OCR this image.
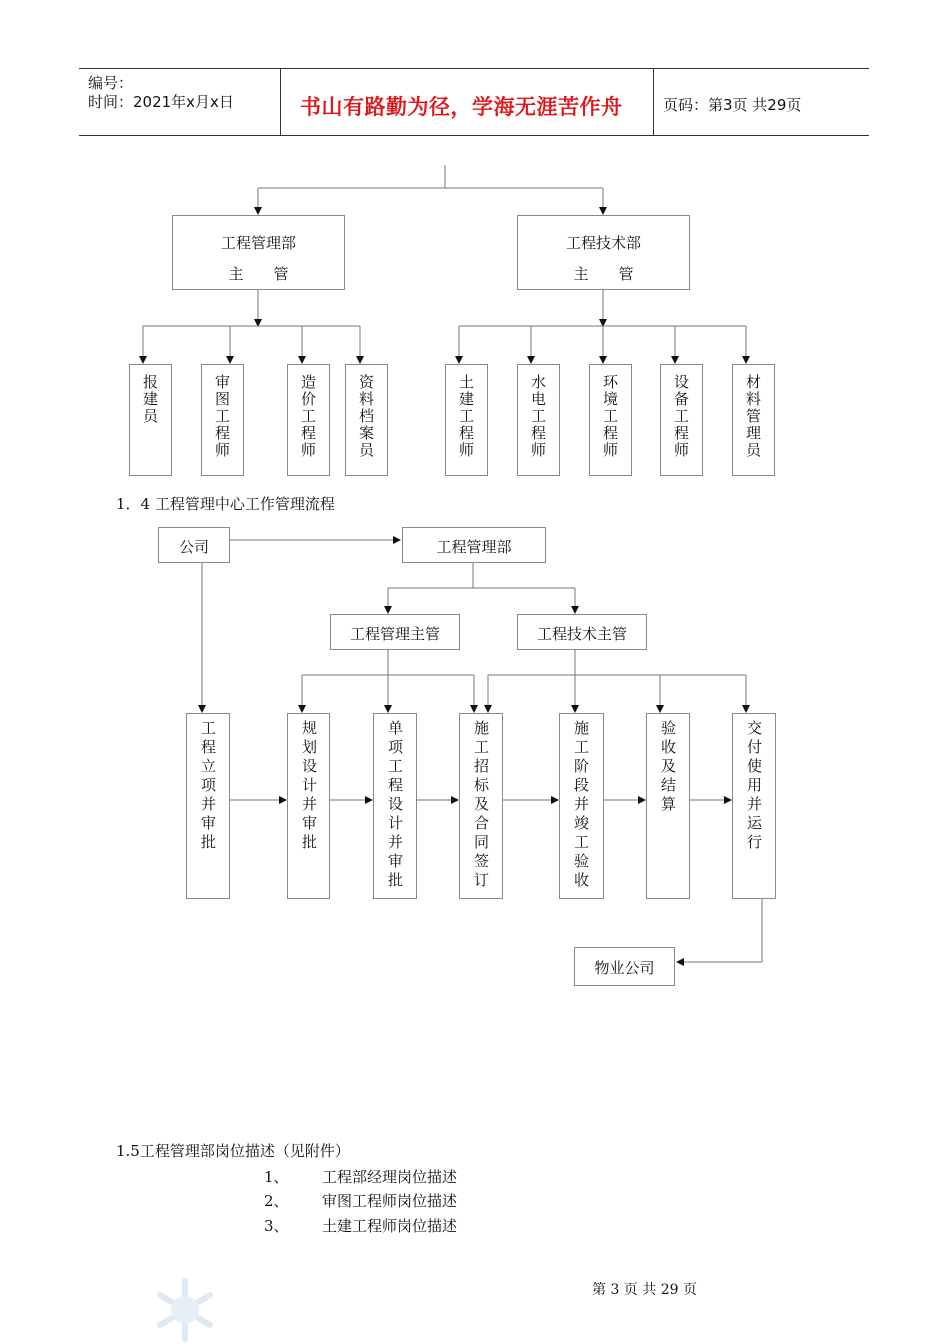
编号：
时间：2021年x月x日	书山有路勤为径，学海无涯苦作舟	页码：第3页 共29页
工程管理部
主　　管
工程技术部
主　　管
报建员	审图工程师	造价工程师	资料档案员	土建工程师	水电工程师	环境工程师	设备工程师	材料管理员
1．4 工程管理中心工作管理流程
公司	工程管理部
工程管理主管	工程技术主管
工程立项并审批	规划设计并审批	单项工程设计并审批	施工招标及合同签订	施工阶段并竣工验收	验收及结算	交付使用并运行
物业公司
1.5工程管理部岗位描述（见附件）
1、 工程部经理岗位描述
2、 审图工程师岗位描述
3、 土建工程师岗位描述
第 3 页 共 29 页
